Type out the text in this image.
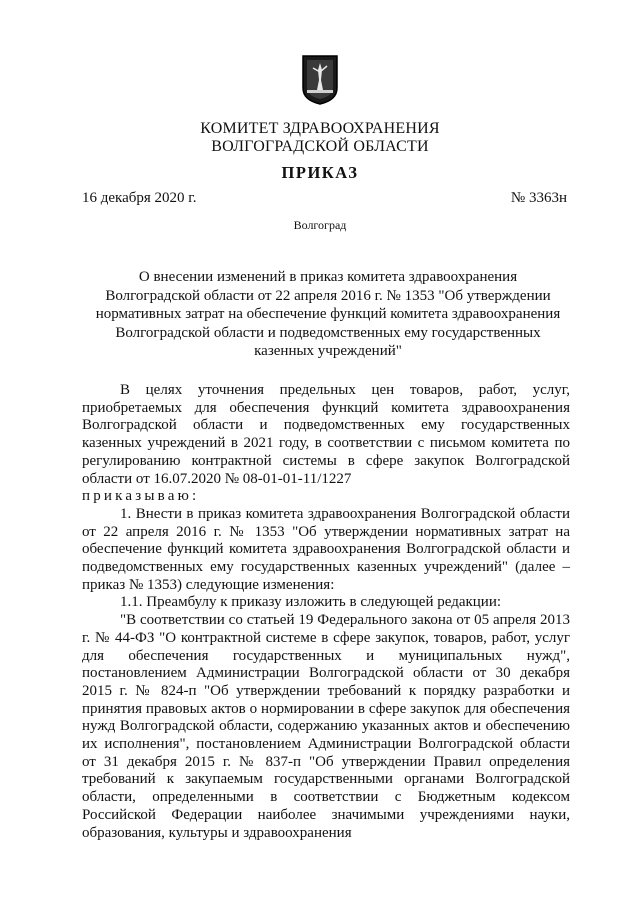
КОМИТЕТ ЗДРАВООХРАНЕНИЯ
ВОЛГОГРАДСКОЙ ОБЛАСТИ
ПРИКАЗ
16 декабря 2020 г.	№ 3363н
Волгоград
О внесении изменений в приказ комитета здравоохранения
Волгоградской области от 22 апреля 2016 г. № 1353 "Об утверждении
нормативных затрат на обеспечение функций комитета здравоохранения
Волгоградской области и подведомственных ему государственных
казенных учреждений"

В целях уточнения предельных цен товаров, работ, услуг, приобретаемых для обеспечения функций комитета здравоохранения Волгоградской области и подведомственных ему государственных казенных учреждений в 2021 году, в соответствии с письмом комитета по регулированию контрактной системы в сфере закупок Волгоградской области от 16.07.2020 № 08-01-01-11/1227

приказываю:

1. Внести в приказ комитета здравоохранения Волгоградской области от 22 апреля 2016 г. № 1353 "Об утверждении нормативных затрат на обеспечение функций комитета здравоохранения Волгоградской области и подведомственных ему государственных казенных учреждений" (далее – приказ № 1353) следующие изменения:

1.1. Преамбулу к приказу изложить в следующей редакции:

"В соответствии со статьей 19 Федерального закона от 05 апреля 2013 г. № 44-ФЗ "О контрактной системе в сфере закупок, товаров, работ, услуг для обеспечения государственных и муниципальных нужд", постановлением Администрации Волгоградской области от 30 декабря 2015 г. № 824-п "Об утверждении требований к порядку разработки и принятия правовых актов о нормировании в сфере закупок для обеспечения нужд Волгоградской области, содержанию указанных актов и обеспечению их исполнения", постановлением Администрации Волгоградской области от 31 декабря 2015 г. № 837-п "Об утверждении Правил определения требований к закупаемым государственными органами Волгоградской области, определенными в соответствии с Бюджетным кодексом Российской Федерации наиболее значимыми учреждениями науки, образования, культуры и здравоохранения
